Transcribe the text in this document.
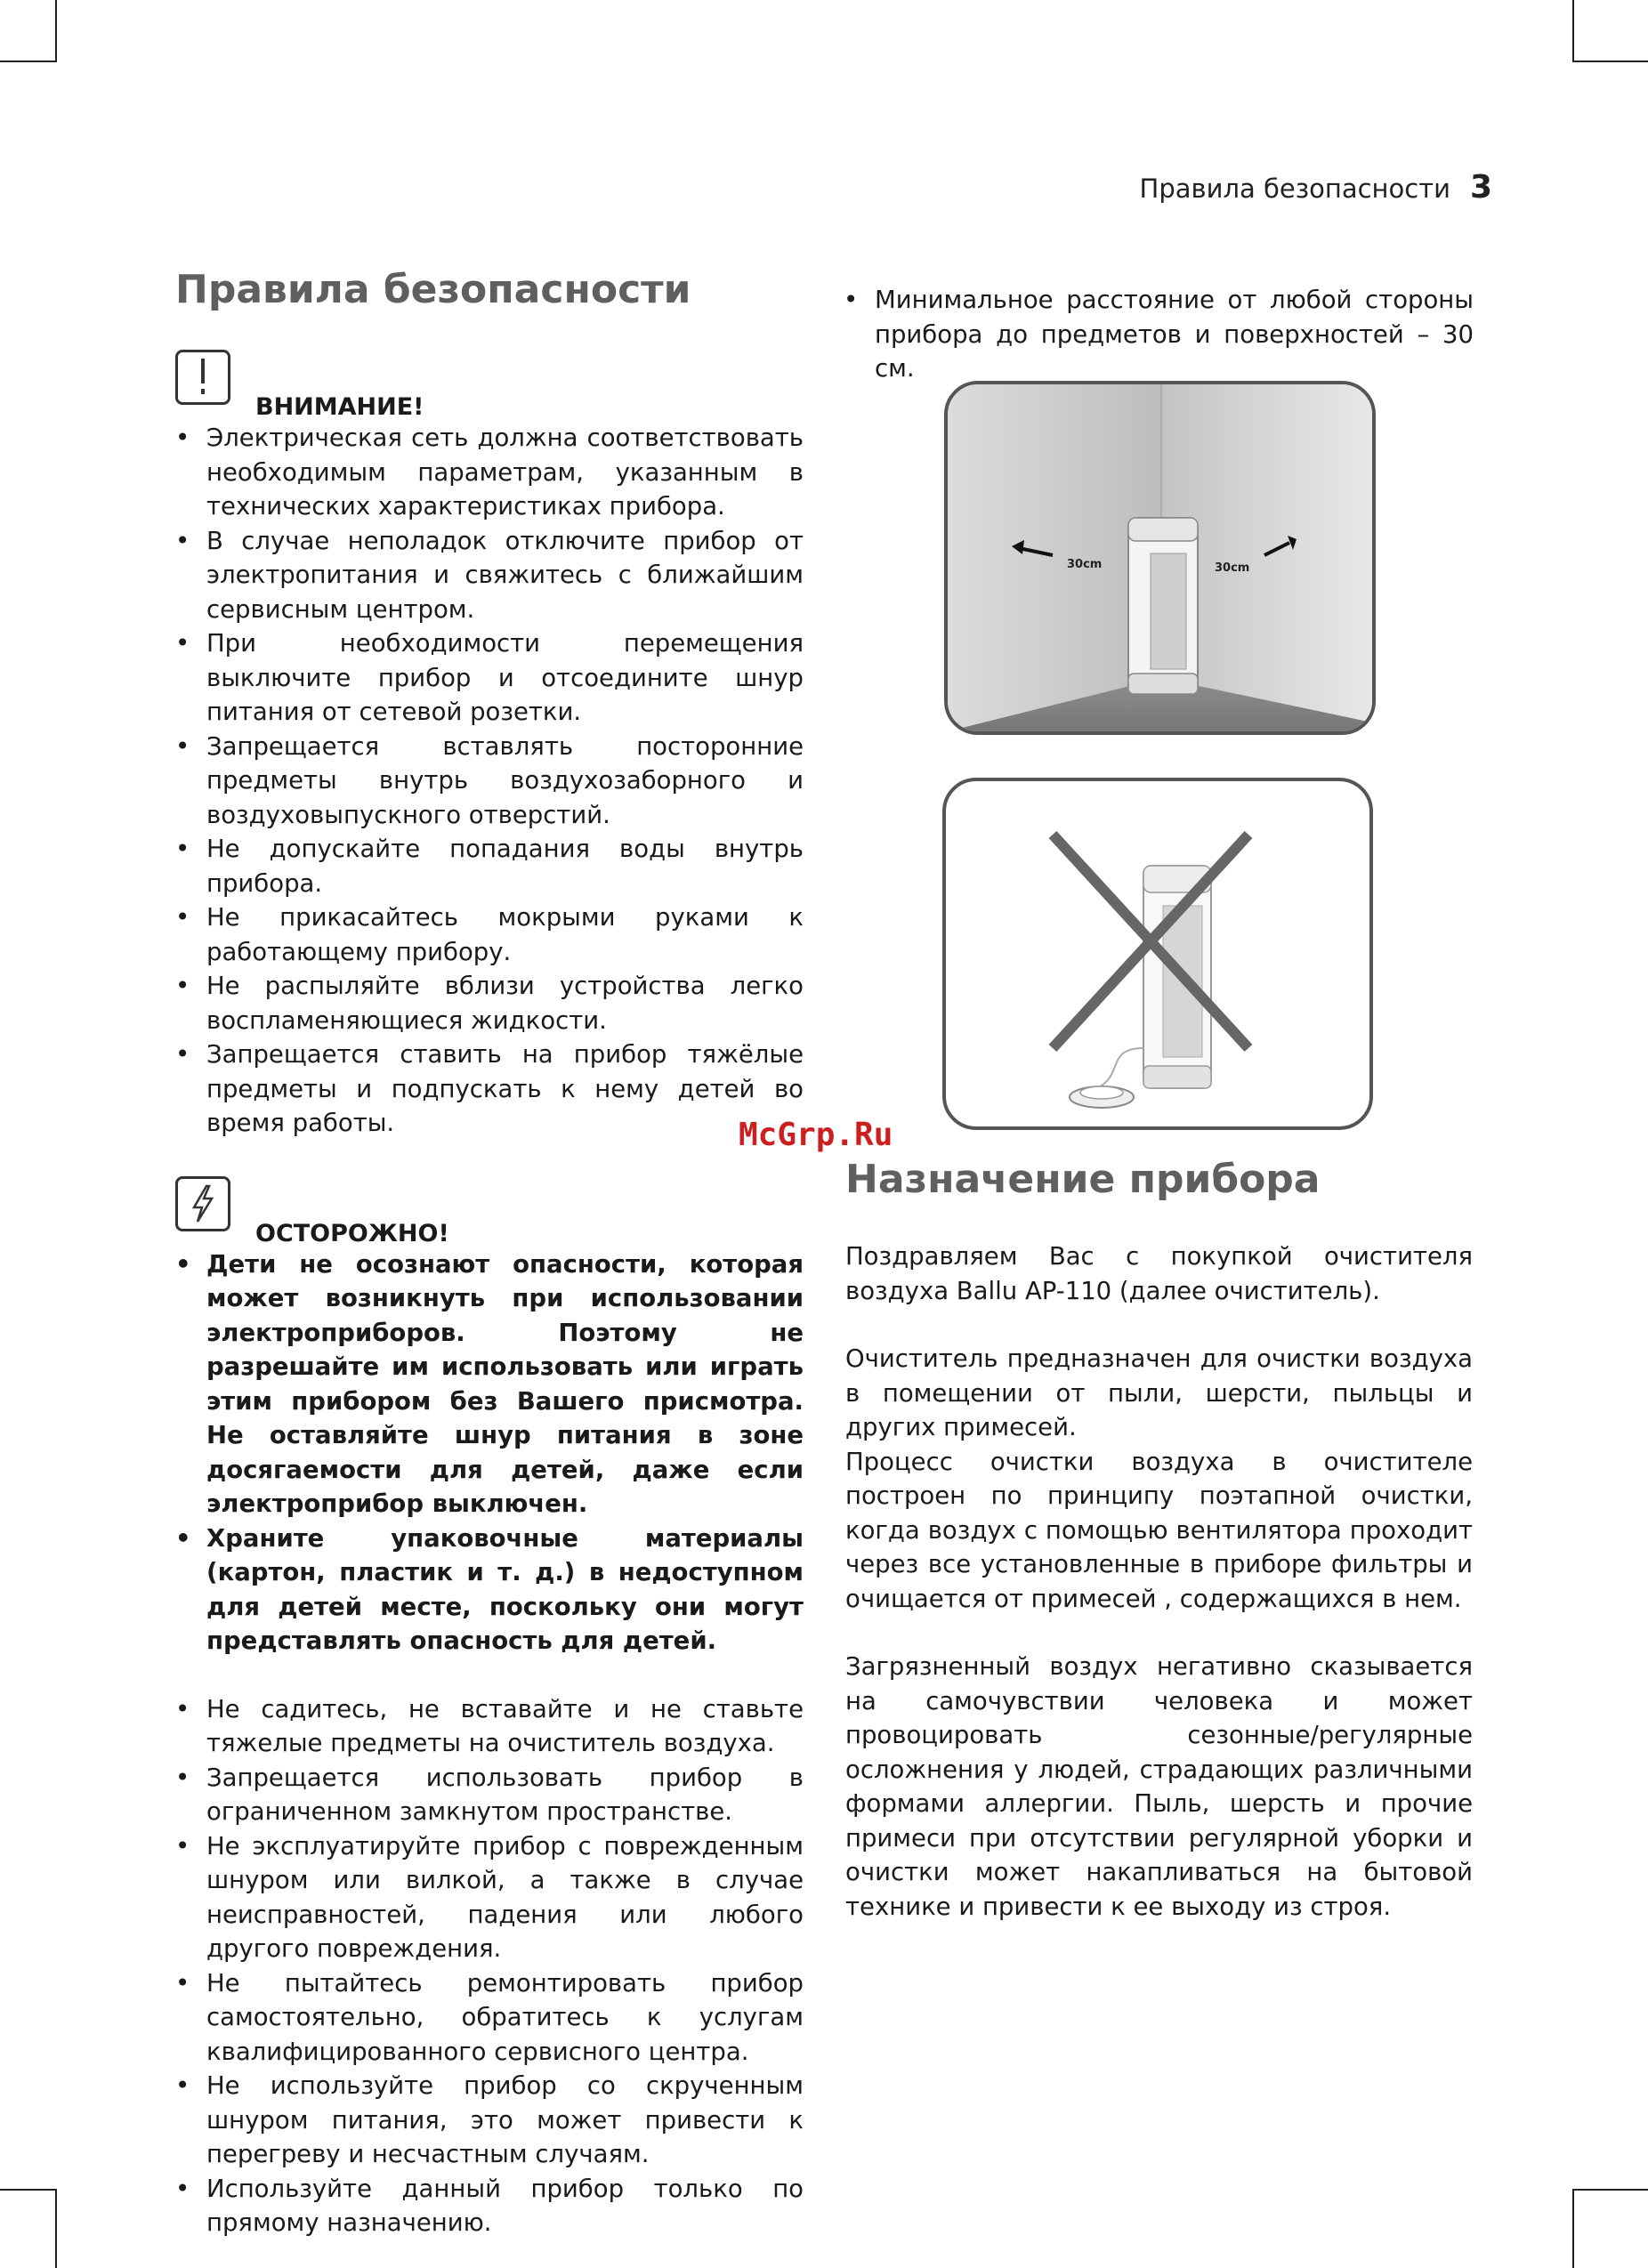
Правила безопасности 3
Правила безопасности
ВНИМАНИЕ!
• Электрическая сеть должна соответствовать необходимым параметрам, указанным в технических характеристиках прибора.
• В случае неполадок отключите прибор от электропитания и свяжитесь с ближайшим сервисным центром.
• При необходимости перемещения выключите прибор и отсоедините шнур питания от сетевой розетки.
• Запрещается вставлять посторонние предметы внутрь воздухозаборного и воздуховыпускного отверстий.
• Не допускайте попадания воды внутрь прибора.
• Не прикасайтесь мокрыми руками к работающему прибору.
• Не распыляйте вблизи устройства легко воспламеняющиеся жидкости.
• Запрещается ставить на прибор тяжёлые предметы и подпускать к нему детей во время работы.
ОСТОРОЖНО!
• Дети не осознают опасности, которая может возникнуть при использовании электроприборов. Поэтому не разрешайте им использовать или играть этим прибором без Вашего присмотра. Не оставляйте шнур питания в зоне досягаемости для детей, даже если электроприбор выключен.
• Храните упаковочные материалы (картон, пластик и т. д.) в недоступном для детей месте, поскольку они могут представлять опасность для детей.
• Не садитесь, не вставайте и не ставьте тяжелые предметы на очиститель воздуха.
• Запрещается использовать прибор в ограниченном замкнутом пространстве.
• Не эксплуатируйте прибор с поврежденным шнуром или вилкой, а также в случае неисправностей, падения или любого другого повреждения.
• Не пытайтесь ремонтировать прибор самостоятельно, обратитесь к услугам квалифицированного сервисного центра.
• Не используйте прибор со скрученным шнуром питания, это может привести к перегреву и несчастным случаям.
• Используйте данный прибор только по прямому назначению.
• Минимальное расстояние от любой стороны прибора до предметов и поверхностей – 30 см.
30cm	30cm
McGrp.Ru
Назначение прибора

Поздравляем Вас с покупкой очистителя воздуха Ballu AP-110 (далее очиститель).

Очиститель предназначен для очистки воздуха в помещении от пыли, шерсти, пыльцы и других примесей.

Процесс очистки воздуха в очистителе построен по принципу поэтапной очистки, когда воздух с помощью вентилятора проходит через все установленные в приборе фильтры и очищается от примесей , содержащихся в нем.

Загрязненный воздух негативно сказывается на самочувствии человека и может провоцировать сезонные/регулярные осложнения у людей, страдающих различными формами аллергии. Пыль, шерсть и прочие примеси при отсутствии регулярной уборки и очистки может накапливаться на бытовой технике и привести к ее выходу из строя.
